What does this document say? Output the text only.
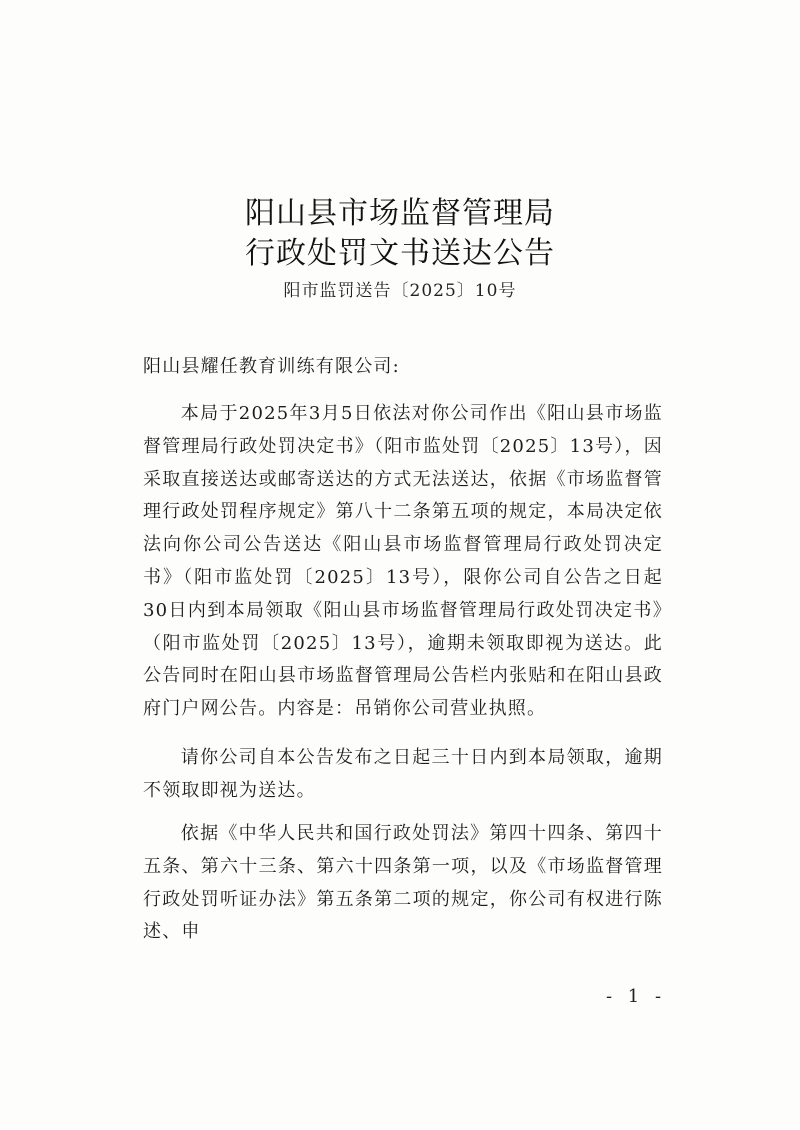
阳山县市场监督管理局
行政处罚文书送达公告
阳市监罚送告〔2025〕10号
阳山县耀任教育训练有限公司:
本局于2025年3月5日依法对你公司作出《阳山县市场监督管理局行政处罚决定书》（阳市监处罚〔2025〕13号），因采取直接送达或邮寄送达的方式无法送达，依据《市场监督管理行政处罚程序规定》第八十二条第五项的规定，本局决定依法向你公司公告送达《阳山县市场监督管理局行政处罚决定书》（阳市监处罚〔2025〕13号），限你公司自公告之日起30日内到本局领取《阳山县市场监督管理局行政处罚决定书》（阳市监处罚〔2025〕13号），逾期未领取即视为送达。此公告同时在阳山县市场监督管理局公告栏内张贴和在阳山县政府门户网公告。内容是：吊销你公司营业执照。
请你公司自本公告发布之日起三十日内到本局领取，逾期不领取即视为送达。
依据《中华人民共和国行政处罚法》第四十四条、第四十五条、第六十三条、第六十四条第一项，以及《市场监督管理行政处罚听证办法》第五条第二项的规定，你公司有权进行陈述、申
- 1 -
